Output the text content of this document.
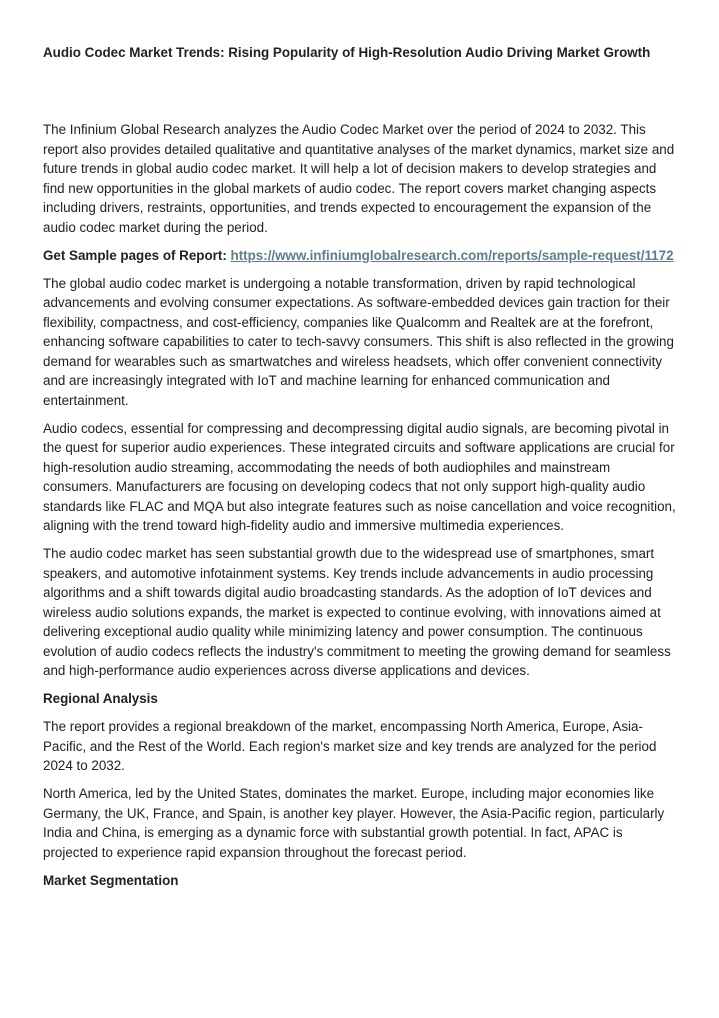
Audio Codec Market Trends: Rising Popularity of High-Resolution Audio Driving Market Growth

The Infinium Global Research analyzes the Audio Codec Market over the period of 2024 to 2032. This report also provides detailed qualitative and quantitative analyses of the market dynamics, market size and future trends in global audio codec market. It will help a lot of decision makers to develop strategies and find new opportunities in the global markets of audio codec. The report covers market changing aspects including drivers, restraints, opportunities, and trends expected to encouragement the expansion of the audio codec market during the period.

Get Sample pages of Report: https://www.infiniumglobalresearch.com/reports/sample-request/1172

The global audio codec market is undergoing a notable transformation, driven by rapid technological advancements and evolving consumer expectations. As software-embedded devices gain traction for their flexibility, compactness, and cost-efficiency, companies like Qualcomm and Realtek are at the forefront, enhancing software capabilities to cater to tech-savvy consumers. This shift is also reflected in the growing demand for wearables such as smartwatches and wireless headsets, which offer convenient connectivity and are increasingly integrated with IoT and machine learning for enhanced communication and entertainment.

Audio codecs, essential for compressing and decompressing digital audio signals, are becoming pivotal in the quest for superior audio experiences. These integrated circuits and software applications are crucial for high-resolution audio streaming, accommodating the needs of both audiophiles and mainstream consumers. Manufacturers are focusing on developing codecs that not only support high-quality audio standards like FLAC and MQA but also integrate features such as noise cancellation and voice recognition, aligning with the trend toward high-fidelity audio and immersive multimedia experiences.

The audio codec market has seen substantial growth due to the widespread use of smartphones, smart speakers, and automotive infotainment systems. Key trends include advancements in audio processing algorithms and a shift towards digital audio broadcasting standards. As the adoption of IoT devices and wireless audio solutions expands, the market is expected to continue evolving, with innovations aimed at delivering exceptional audio quality while minimizing latency and power consumption. The continuous evolution of audio codecs reflects the industry's commitment to meeting the growing demand for seamless and high-performance audio experiences across diverse applications and devices.

Regional Analysis

The report provides a regional breakdown of the market, encompassing North America, Europe, Asia-Pacific, and the Rest of the World. Each region's market size and key trends are analyzed for the period 2024 to 2032.

North America, led by the United States, dominates the market. Europe, including major economies like Germany, the UK, France, and Spain, is another key player. However, the Asia-Pacific region, particularly India and China, is emerging as a dynamic force with substantial growth potential. In fact, APAC is projected to experience rapid expansion throughout the forecast period.

Market Segmentation
